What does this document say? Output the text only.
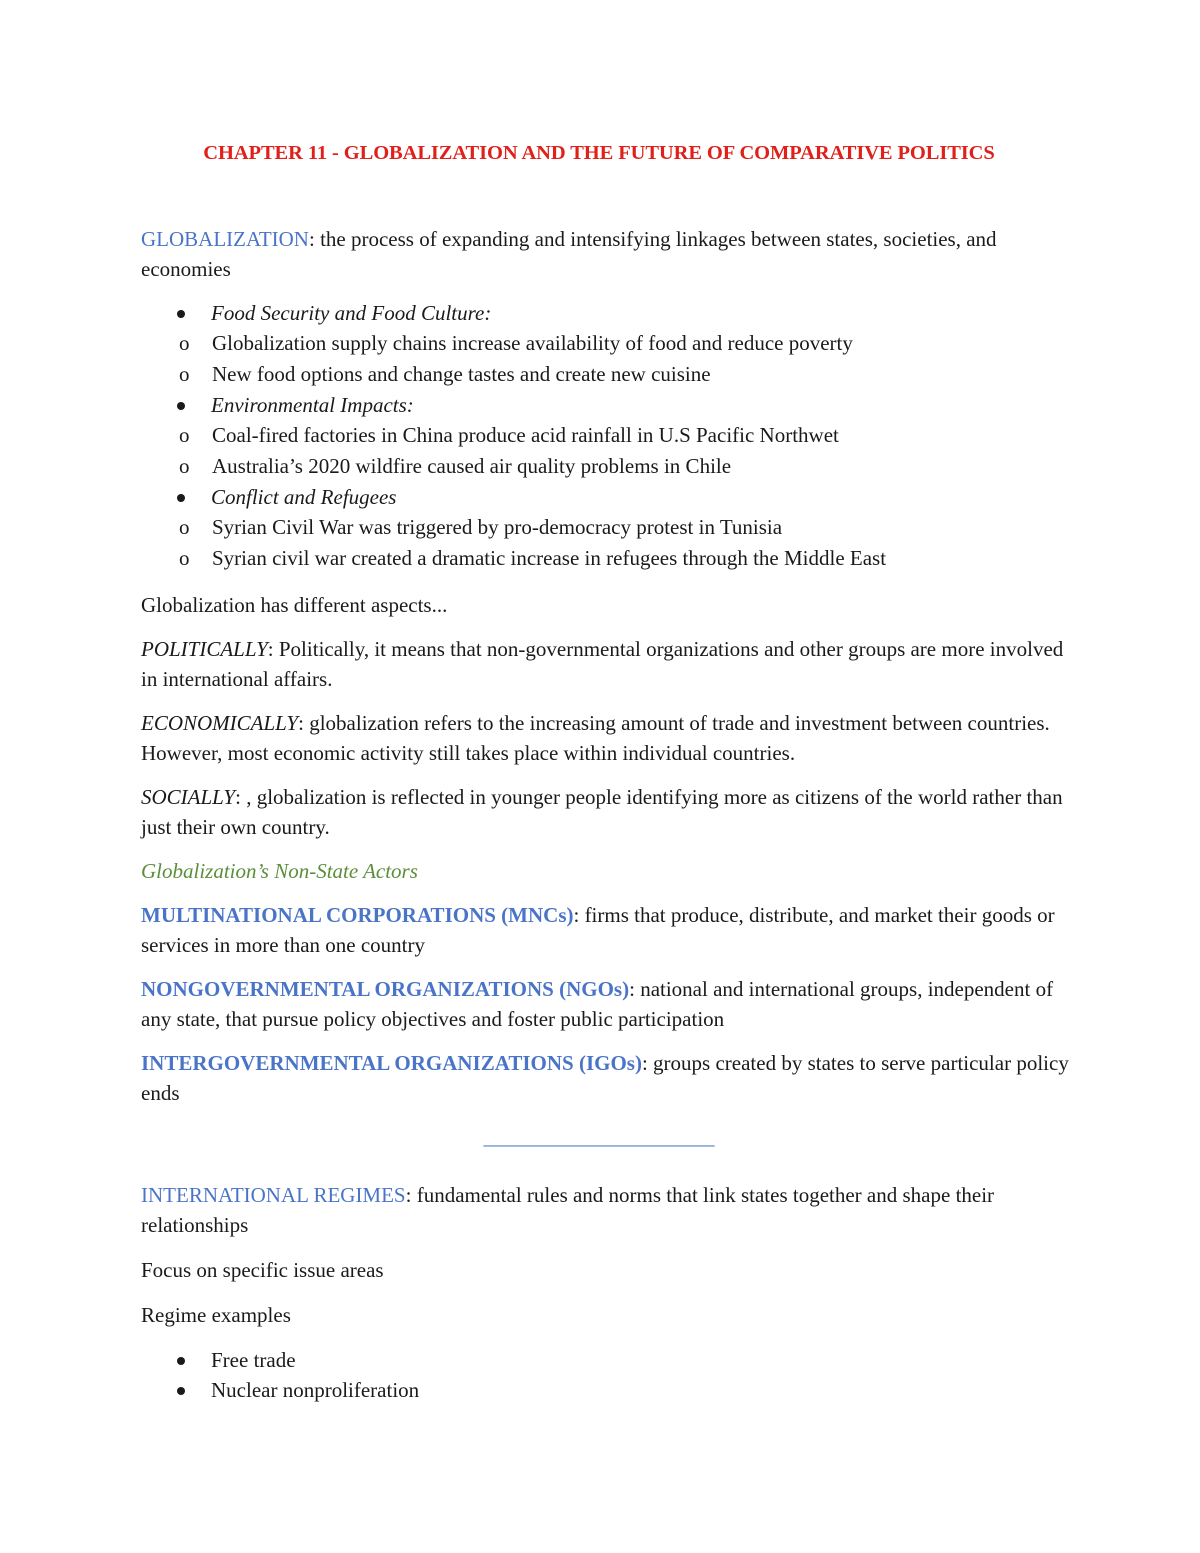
CHAPTER 11 - GLOBALIZATION AND THE FUTURE OF COMPARATIVE POLITICS

GLOBALIZATION: the process of expanding and intensifying linkages between states, societies, and economies

Food Security and Food Culture:
o Globalization supply chains increase availability of food and reduce poverty
o New food options and change tastes and create new cuisine
Environmental Impacts:
o Coal-fired factories in China produce acid rainfall in U.S Pacific Northwet
o Australia’s 2020 wildfire caused air quality problems in Chile
Conflict and Refugees
o Syrian Civil War was triggered by pro-democracy protest in Tunisia
o Syrian civil war created a dramatic increase in refugees through the Middle East

Globalization has different aspects...

POLITICALLY: Politically, it means that non-governmental organizations and other groups are more involved in international affairs.

ECONOMICALLY: globalization refers to the increasing amount of trade and investment between countries. However, most economic activity still takes place within individual countries.

SOCIALLY: , globalization is reflected in younger people identifying more as citizens of the world rather than just their own country.

Globalization’s Non-State Actors

MULTINATIONAL CORPORATIONS (MNCs): firms that produce, distribute, and market their goods or services in more than one country

NONGOVERNMENTAL ORGANIZATIONS (NGOs): national and international groups, independent of any state, that pursue policy objectives and foster public participation

INTERGOVERNMENTAL ORGANIZATIONS (IGOs): groups created by states to serve particular policy ends

______________________

INTERNATIONAL REGIMES: fundamental rules and norms that link states together and shape their relationships

Focus on specific issue areas

Regime examples

Free trade
Nuclear nonproliferation
